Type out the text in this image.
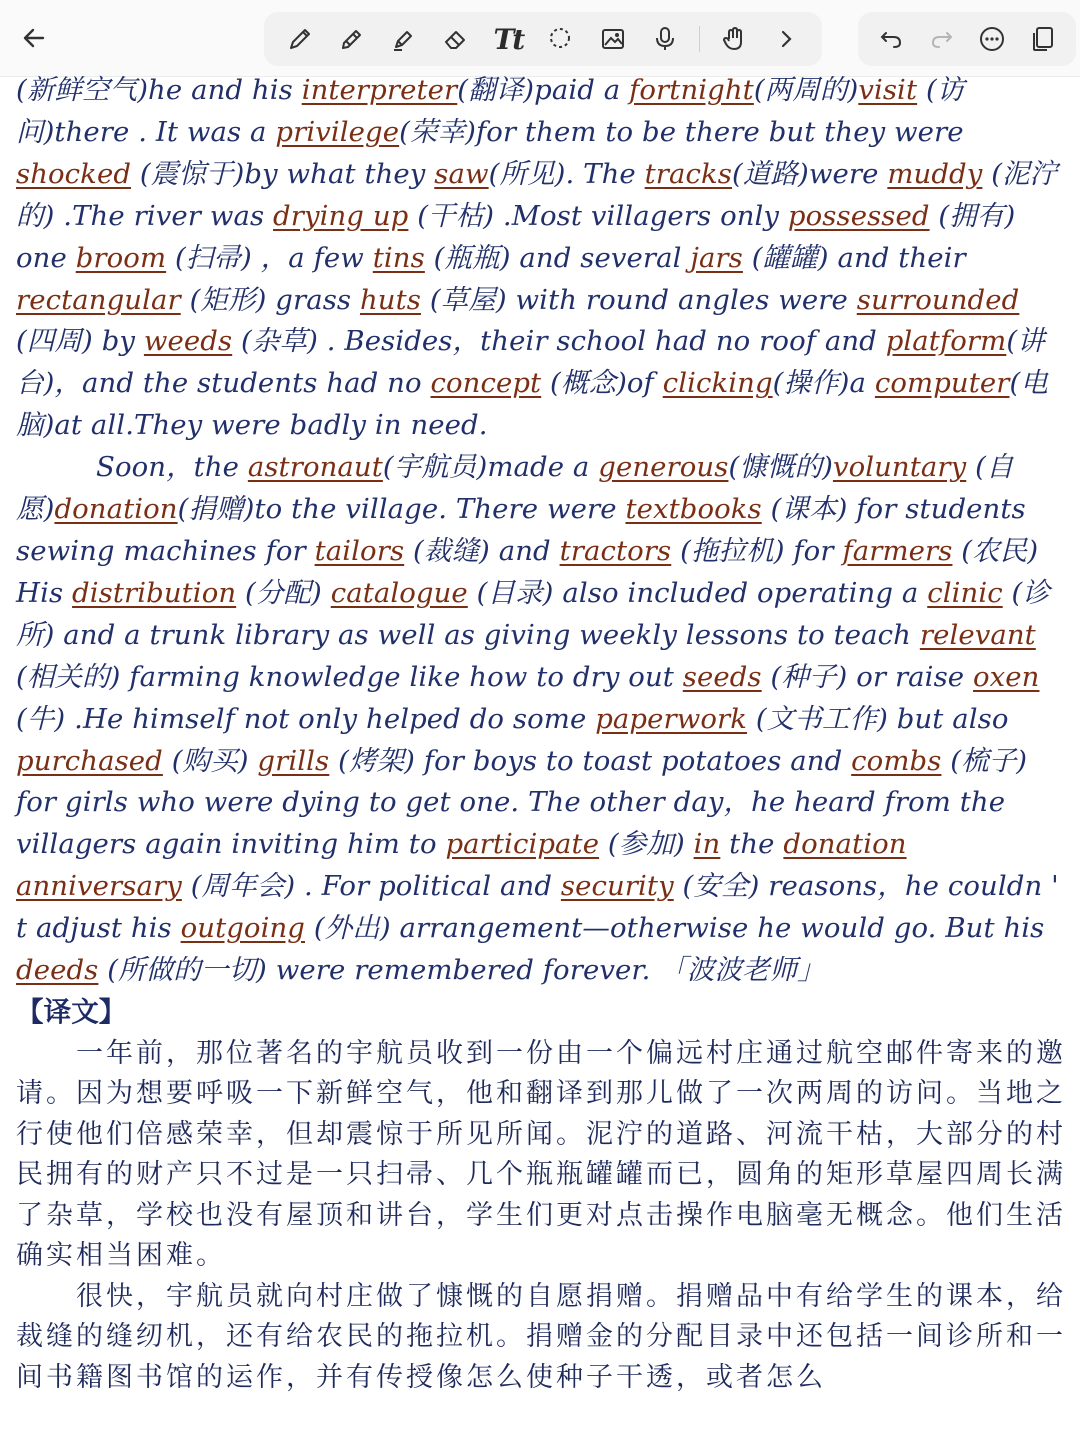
Tt

(新鲜空气)he and his interpreter(翻译)paid a fortnight(两周的)visit (访问)there . It was a privilege(荣幸)for them to be there but they were shocked (震惊于)by what they saw(所见). The tracks(道路)were muddy (泥泞的) .The river was drying up (干枯) .Most villagers only possessed (拥有) one broom (扫帚) ，a few tins (瓶瓶) and several jars (罐罐) and their rectangular (矩形) grass huts (草屋) with round angles were surrounded (四周) by weeds (杂草) . Besides，their school had no roof and platform(讲台)，and the students had no concept (概念)of clicking(操作)a computer(电脑)at all.They were badly in need.

Soon，the astronaut(宇航员)made a generous(慷慨的)voluntary (自愿)donation(捐赠)to the village. There were textbooks (课本) for students sewing machines for tailors (裁缝) and tractors (拖拉机) for farmers (农民) His distribution (分配) catalogue (目录) also included operating a clinic (诊所) and a trunk library as well as giving weekly lessons to teach relevant (相关的) farming knowledge like how to dry out seeds (种子) or raise oxen (牛) .He himself not only helped do some paperwork (文书工作) but also purchased (购买) grills (烤架) for boys to toast potatoes and combs (梳子) for girls who were dying to get one. The other day，he heard from the villagers again inviting him to participate (参加) in the donation anniversary (周年会) . For political and security (安全) reasons，he couldn ' t adjust his outgoing (外出) arrangement—otherwise he would go. But his deeds (所做的一切) were remembered forever. 「波波老师」

【译文】

一年前，那位著名的宇航员收到一份由一个偏远村庄通过航空邮件寄来的邀请。因为想要呼吸一下新鲜空气，他和翻译到那儿做了一次两周的访问。当地之行使他们倍感荣幸，但却震惊于所见所闻。泥泞的道路、河流干枯，大部分的村民拥有的财产只不过是一只扫帚、几个瓶瓶罐罐而已，圆角的矩形草屋四周长满了杂草，学校也没有屋顶和讲台，学生们更对点击操作电脑毫无概念。他们生活确实相当困难。

很快，宇航员就向村庄做了慷慨的自愿捐赠。捐赠品中有给学生的课本，给裁缝的缝纫机，还有给农民的拖拉机。捐赠金的分配目录中还包括一间诊所和一间书籍图书馆的运作，并有传授像怎么使种子干透，或者怎么
